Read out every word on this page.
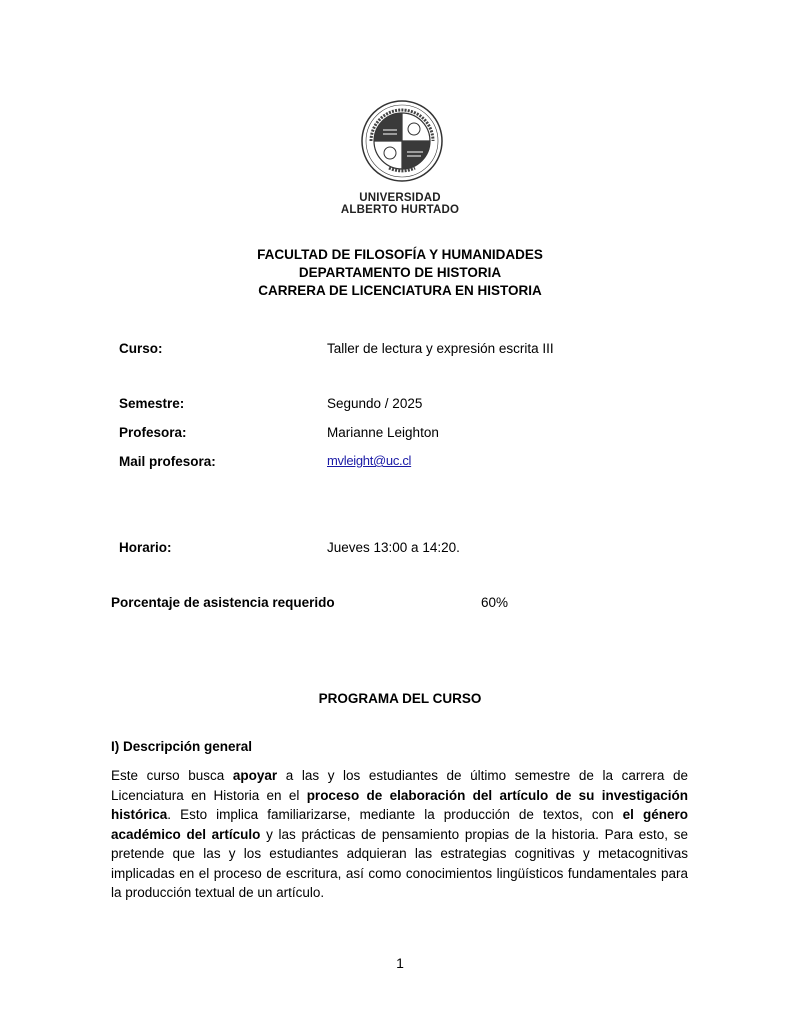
UNIVERSIDAD
ALBERTO HURTADO
FACULTAD DE FILOSOFÍA Y HUMANIDADES
DEPARTAMENTO DE HISTORIA
CARRERA DE LICENCIATURA EN HISTORIA
Curso:	Taller de lectura y expresión escrita III
Semestre:	Segundo / 2025
Profesora:	Marianne Leighton
Mail profesora:	mvleight@uc.cl
Horario:	Jueves 13:00 a 14:20.
Porcentaje de asistencia requerido	60%
PROGRAMA DEL CURSO
I) Descripción general

Este curso busca apoyar a las y los estudiantes de último semestre de la carrera de Licenciatura en Historia en el proceso de elaboración del artículo de su investigación histórica. Esto implica familiarizarse, mediante la producción de textos, con el género académico del artículo y las prácticas de pensamiento propias de la historia. Para esto, se pretende que las y los estudiantes adquieran las estrategias cognitivas y metacognitivas implicadas en el proceso de escritura, así como conocimientos lingüísticos fundamentales para la producción textual de un artículo.

1
